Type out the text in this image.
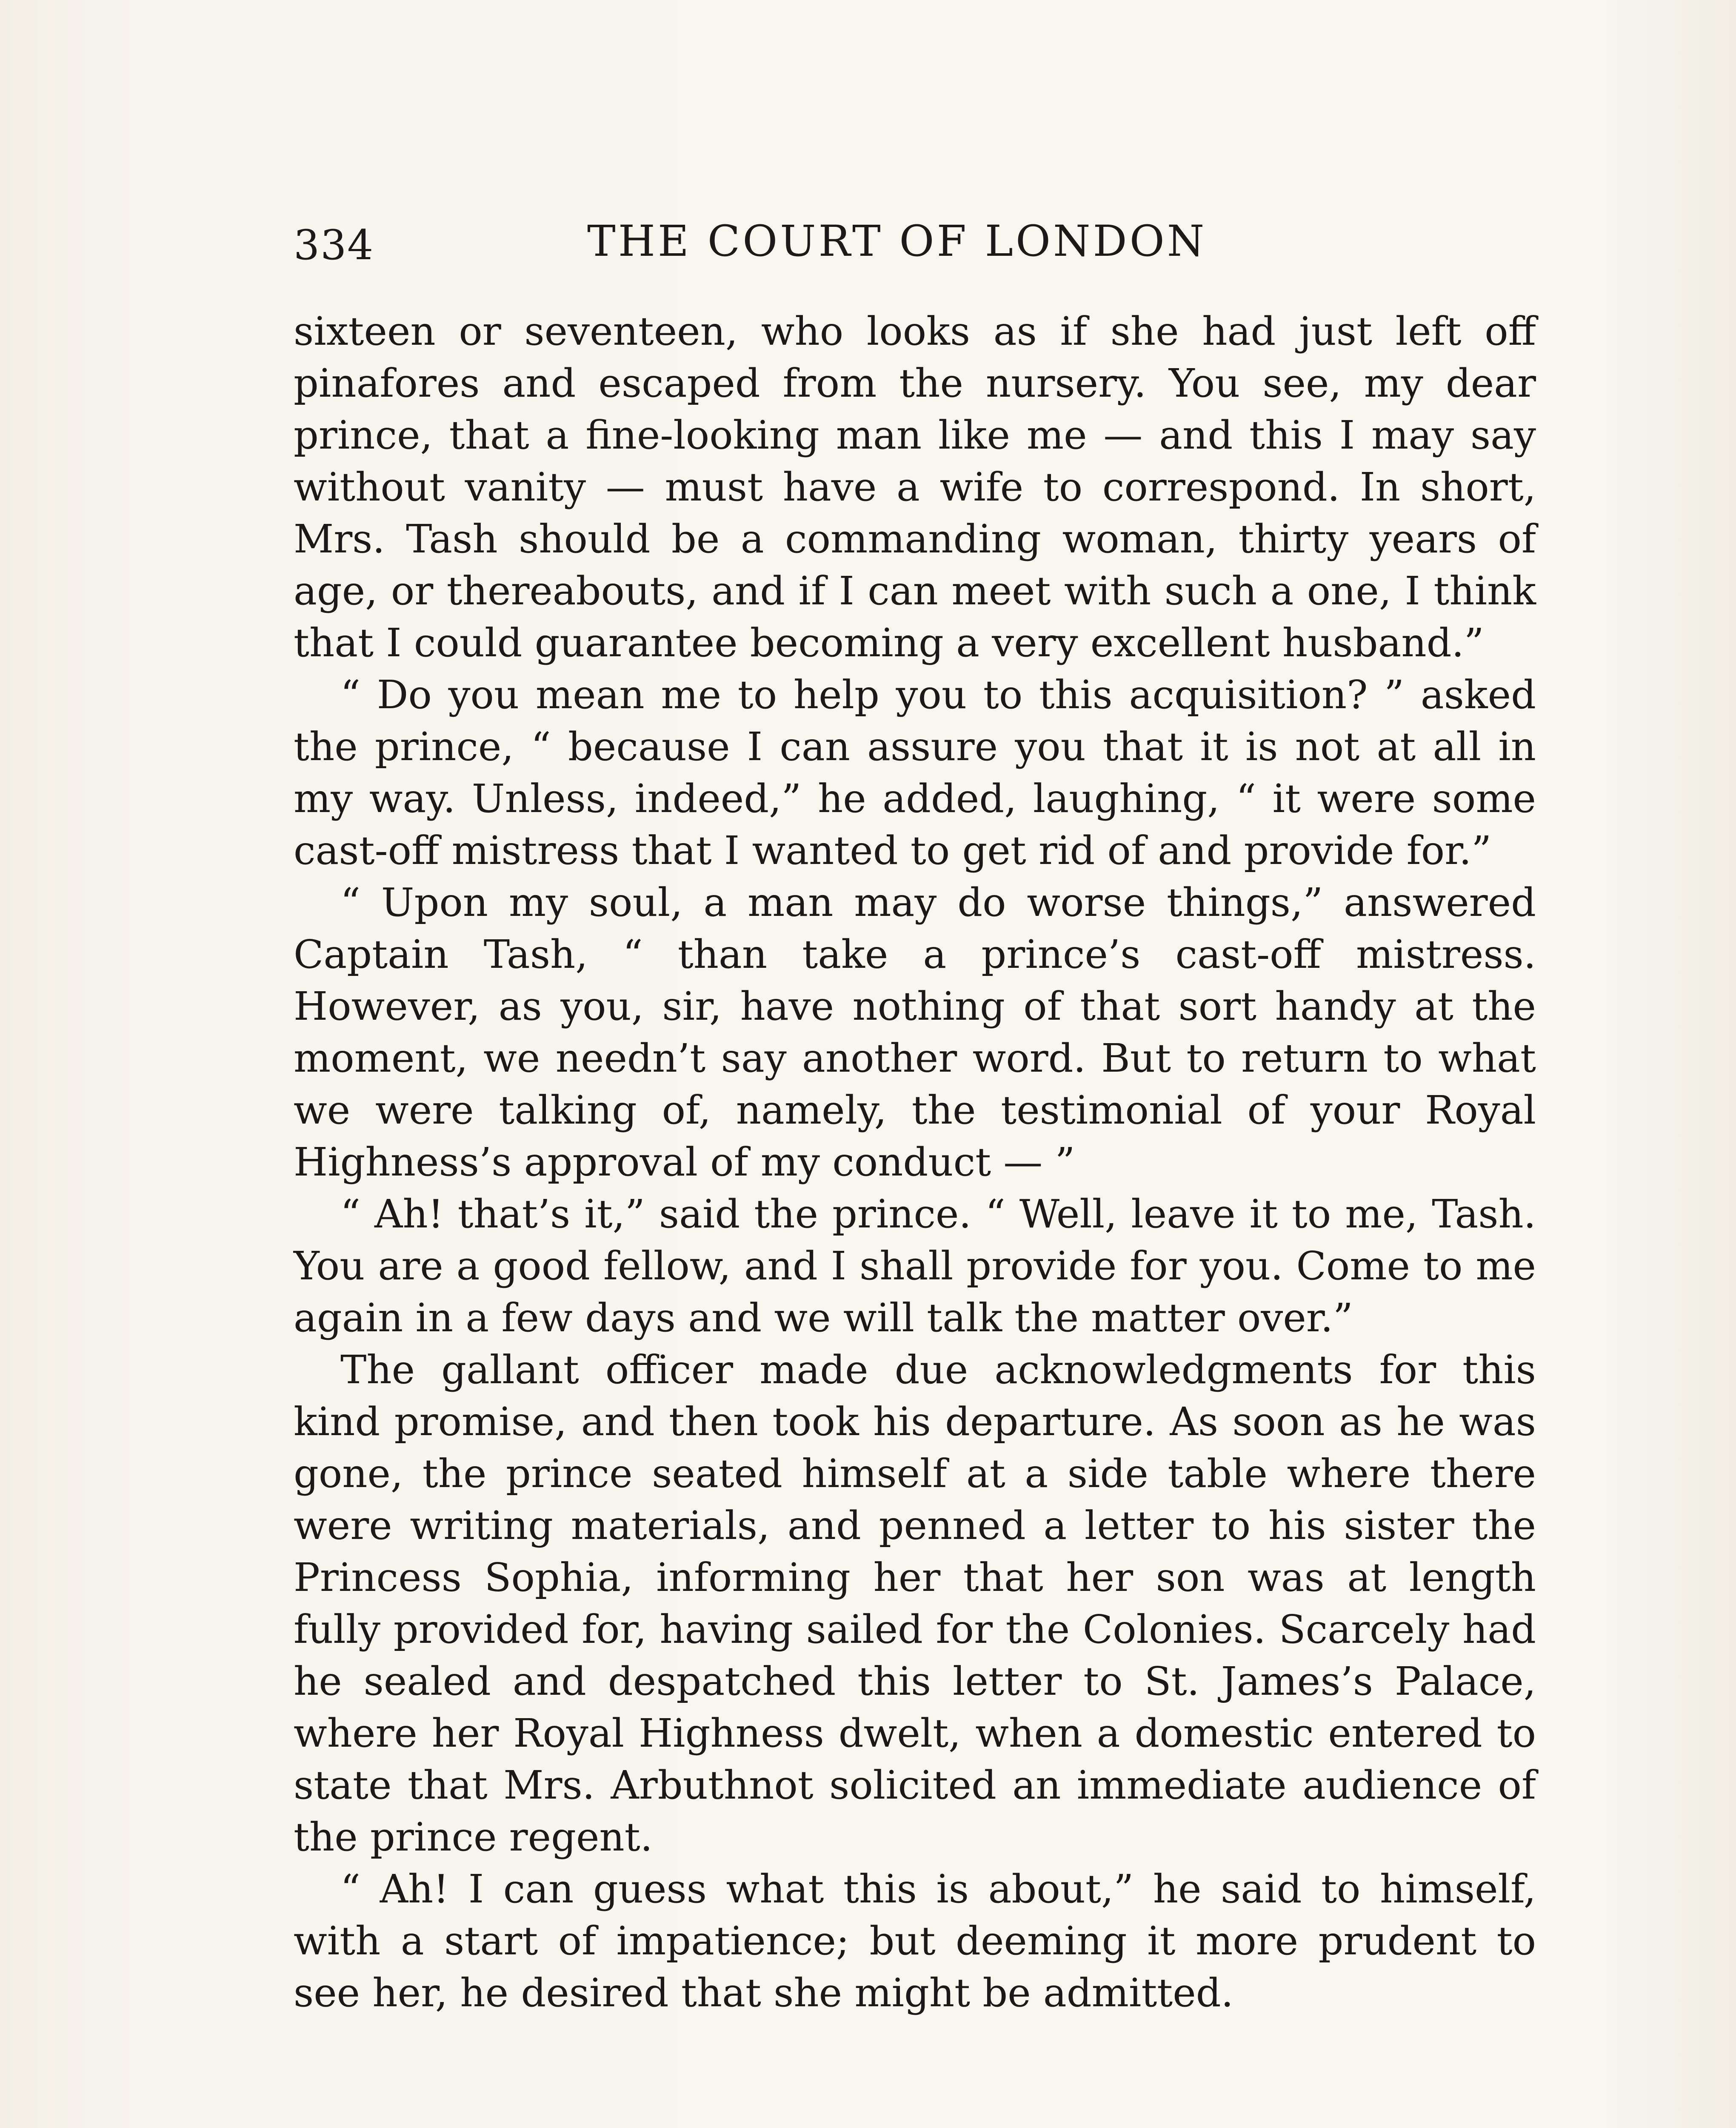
334	THE COURT OF LONDON

sixteen or seventeen, who looks as if she had just left off pinafores and escaped from the nursery. You see, my dear prince, that a fine-looking man like me — and this I may say without vanity — must have a wife to correspond. In short, Mrs. Tash should be a commanding woman, thirty years of age, or thereabouts, and if I can meet with such a one, I think that I could guarantee becoming a very excellent husband.”

“ Do you mean me to help you to this acquisition? ” asked the prince, “ because I can assure you that it is not at all in my way. Unless, indeed,” he added, laughing, “ it were some cast-off mistress that I wanted to get rid of and provide for.”

“ Upon my soul, a man may do worse things,” answered Captain Tash, “ than take a prince’s cast-off mistress. However, as you, sir, have nothing of that sort handy at the moment, we needn’t say another word. But to return to what we were talking of, namely, the testimonial of your Royal Highness’s approval of my conduct — ”

“ Ah! that’s it,” said the prince. “ Well, leave it to me, Tash. You are a good fellow, and I shall provide for you. Come to me again in a few days and we will talk the matter over.”

The gallant officer made due acknowledgments for this kind promise, and then took his departure. As soon as he was gone, the prince seated himself at a side table where there were writing materials, and penned a letter to his sister the Princess Sophia, informing her that her son was at length fully provided for, having sailed for the Colonies. Scarcely had he sealed and despatched this letter to St. James’s Palace, where her Royal Highness dwelt, when a domestic entered to state that Mrs. Arbuthnot solicited an immediate audience of the prince regent.

“ Ah! I can guess what this is about,” he said to himself, with a start of impatience; but deeming it more prudent to see her, he desired that she might be admitted.
